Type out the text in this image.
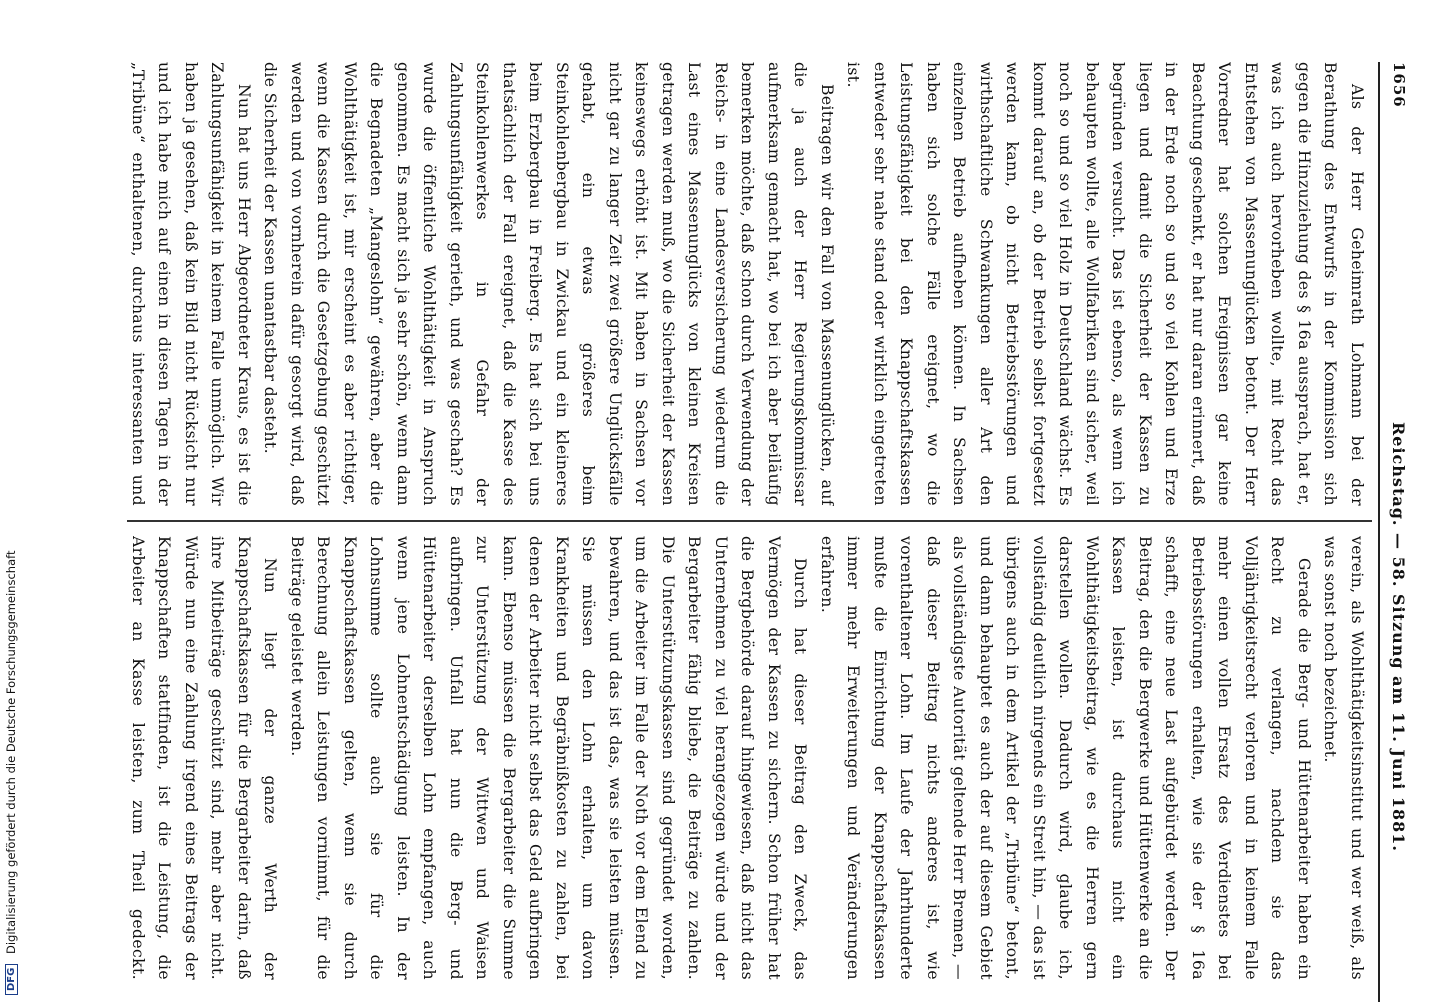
1656
Reichstag. — 58. Sitzung am 11. Juni 1881.

Als der Herr Geheimrath Lohmann bei der Berathung des Entwurfs in der Kommission sich gegen die Hinzuziehung des § 16a aussprach, hat er, was ich auch hervorheben wollte, mit Recht das Entstehen von Massenunglücken betont. Der Herr Vorredner hat solchen Ereignissen gar keine Beachtung geschenkt, er hat nur daran erinnert, daß in der Erde noch so und so viel Kohlen und Erze liegen und damit die Sicherheit der Kassen zu begründen versucht. Das ist ebenso, als wenn ich behaupten wollte, alle Wollfabriken sind sicher, weil noch so und so viel Holz in Deutschland wächst. Es kommt darauf an, ob der Betrieb selbst fortgesetzt werden kann, ob nicht Betriebsstörungen und wirthschaftliche Schwankungen aller Art den einzelnen Betrieb aufheben können. In Sachsen haben sich solche Fälle ereignet, wo die Leistungsfähigkeit bei den Knappschaftskassen entweder sehr nahe stand oder wirklich eingetreten ist.

Beitragen wir den Fall von Massenunglücken, auf die ja auch der Herr Regierungskommissar aufmerksam gemacht hat, wo bei ich aber beiläufig bemerken möchte, daß schon durch Verwendung der Reichs- in eine Landesversicherung wiederum die Last eines Massenunglücks von kleinen Kreisen getragen werden muß, wo die Sicherheit der Kassen keineswegs erhöht ist. Mit haben in Sachsen vor nicht gar zu langer Zeit zwei größere Unglücksfälle gehabt, ein etwas größeres beim Steinkohlenbergbau in Zwickau und ein kleineres beim Erzbergbau in Freiberg. Es hat sich bei uns thatsächlich der Fall ereignet, daß die Kasse des Steinkohlenwerkes in Gefahr der Zahlungsunfähigkeit gerieth, und was geschah? Es wurde die öffentliche Wohlthätigkeit in Anspruch genommen. Es macht sich ja sehr schön, wenn dann die Begnadeten „Mangeslohn“ gewähren, aber die Wohlthätigkeit ist, mir erscheint es aber richtiger, wenn die Kassen durch die Gesetzgebung geschützt werden und von vornherein dafür gesorgt wird, daß die Sicherheit der Kassen unantastbar dasteht.

Nun hat uns Herr Abgeordneter Kraus, es ist die Zahlungsunfähigkeit in keinem Falle unmöglich. Wir haben ja gesehen, daß kein Bild nicht Rücksicht nur und ich habe mich auf einen in diesen Tagen in der „Tribüne“ enthaltenen, durchaus interessanten und

verein, als Wohlthätigkeitsinstitut und wer weiß, als was sonst noch bezeichnet.

Gerade die Berg- und Hüttenarbeiter haben ein Recht zu verlangen, nachdem sie das Volljährigkeitsrecht verloren und in keinem Falle mehr einen vollen Ersatz des Verdienstes bei Betriebsstörungen erhalten, wie sie der § 16a schafft, eine neue Last aufgebürdet werden. Der Beitrag, den die Bergwerke und Hüttenwerke an die Kassen leisten, ist durchaus nicht ein Wohlthätigkeitsbeitrag, wie es die Herren gern darstellen wollen. Dadurch wird, glaube ich, vollständig deutlich nirgends ein Streit hin, — das ist übrigens auch in dem Artikel der „Tribüne“ betont, und dann behauptet es auch der auf diesem Gebiet als vollständigste Autorität geltende Herr Bremen, — daß dieser Beitrag nichts anderes ist, wie vorenthaltener Lohn. Im Laufe der Jahrhunderte mußte die Einrichtung der Knappschaftskassen immer mehr Erweiterungen und Veränderungen erfahren.

Durch hat dieser Beitrag den Zweck, das Vermögen der Kassen zu sichern. Schon früher hat die Bergbehörde darauf hingewiesen, daß nicht das Unternehmen zu viel herangezogen würde und der Bergarbeiter fähig bliebe, die Beiträge zu zahlen. Die Unterstützungskassen sind gegründet worden, um die Arbeiter im Falle der Noth vor dem Elend zu bewahren, und das ist das, was sie leisten müssen. Sie müssen den Lohn erhalten, um davon Krankheiten und Begräbnißkosten zu zahlen, bei denen der Arbeiter nicht selbst das Geld aufbringen kann. Ebenso müssen die Bergarbeiter die Summe zur Unterstützung der Wittwen und Waisen aufbringen. Unfall hat nun die Berg- und Hüttenarbeiter derselben Lohn empfangen, auch wenn jene Lohnentschädigung leisten. In der Lohnsumme sollte auch sie für die Knappschaftskassen gelten, wenn sie durch Berechnung allein Leistungen vornimmt, für die Beiträge geleistet werden.

Nun liegt der ganze Werth der Knappschaftskassen für die Bergarbeiter darin, daß ihre Mitbeiträge geschützt sind, mehr aber nicht. Würde nun eine Zahlung irgend eines Beitrags der Knappschaften stattfinden, ist die Leistung, die Arbeiter an Kasse leisten, zum Theil gedeckt.

DFG Digitalisierung gefördert durch die Deutsche Forschungsgemeinschaft
